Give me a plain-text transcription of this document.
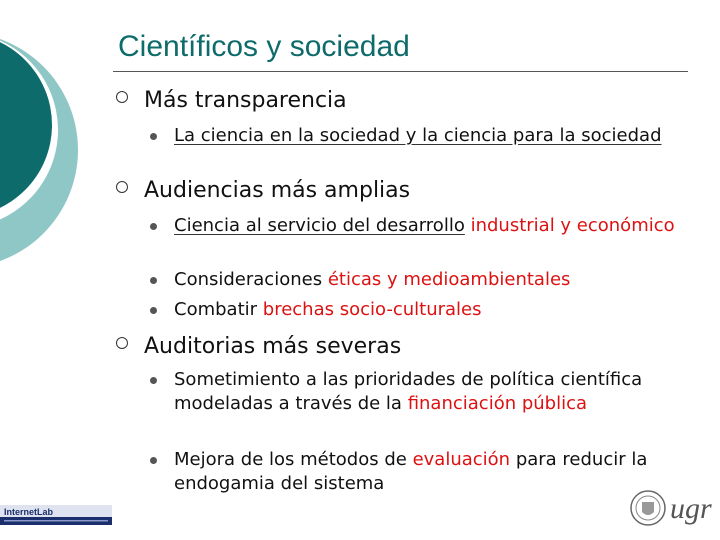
Científicos y sociedad
Más transparencia
La ciencia en la sociedad y la ciencia para la sociedad
Audiencias más amplias
Ciencia al servicio del desarrollo industrial y económico
Consideraciones éticas y medioambientales
Combatir brechas socio-culturales
Auditorias más severas
Sometimiento a las prioridades de política científica modeladas a través de la financiación pública
Mejora de los métodos de evaluación para reducir la endogamia del sistema
InternetLab	ugr
